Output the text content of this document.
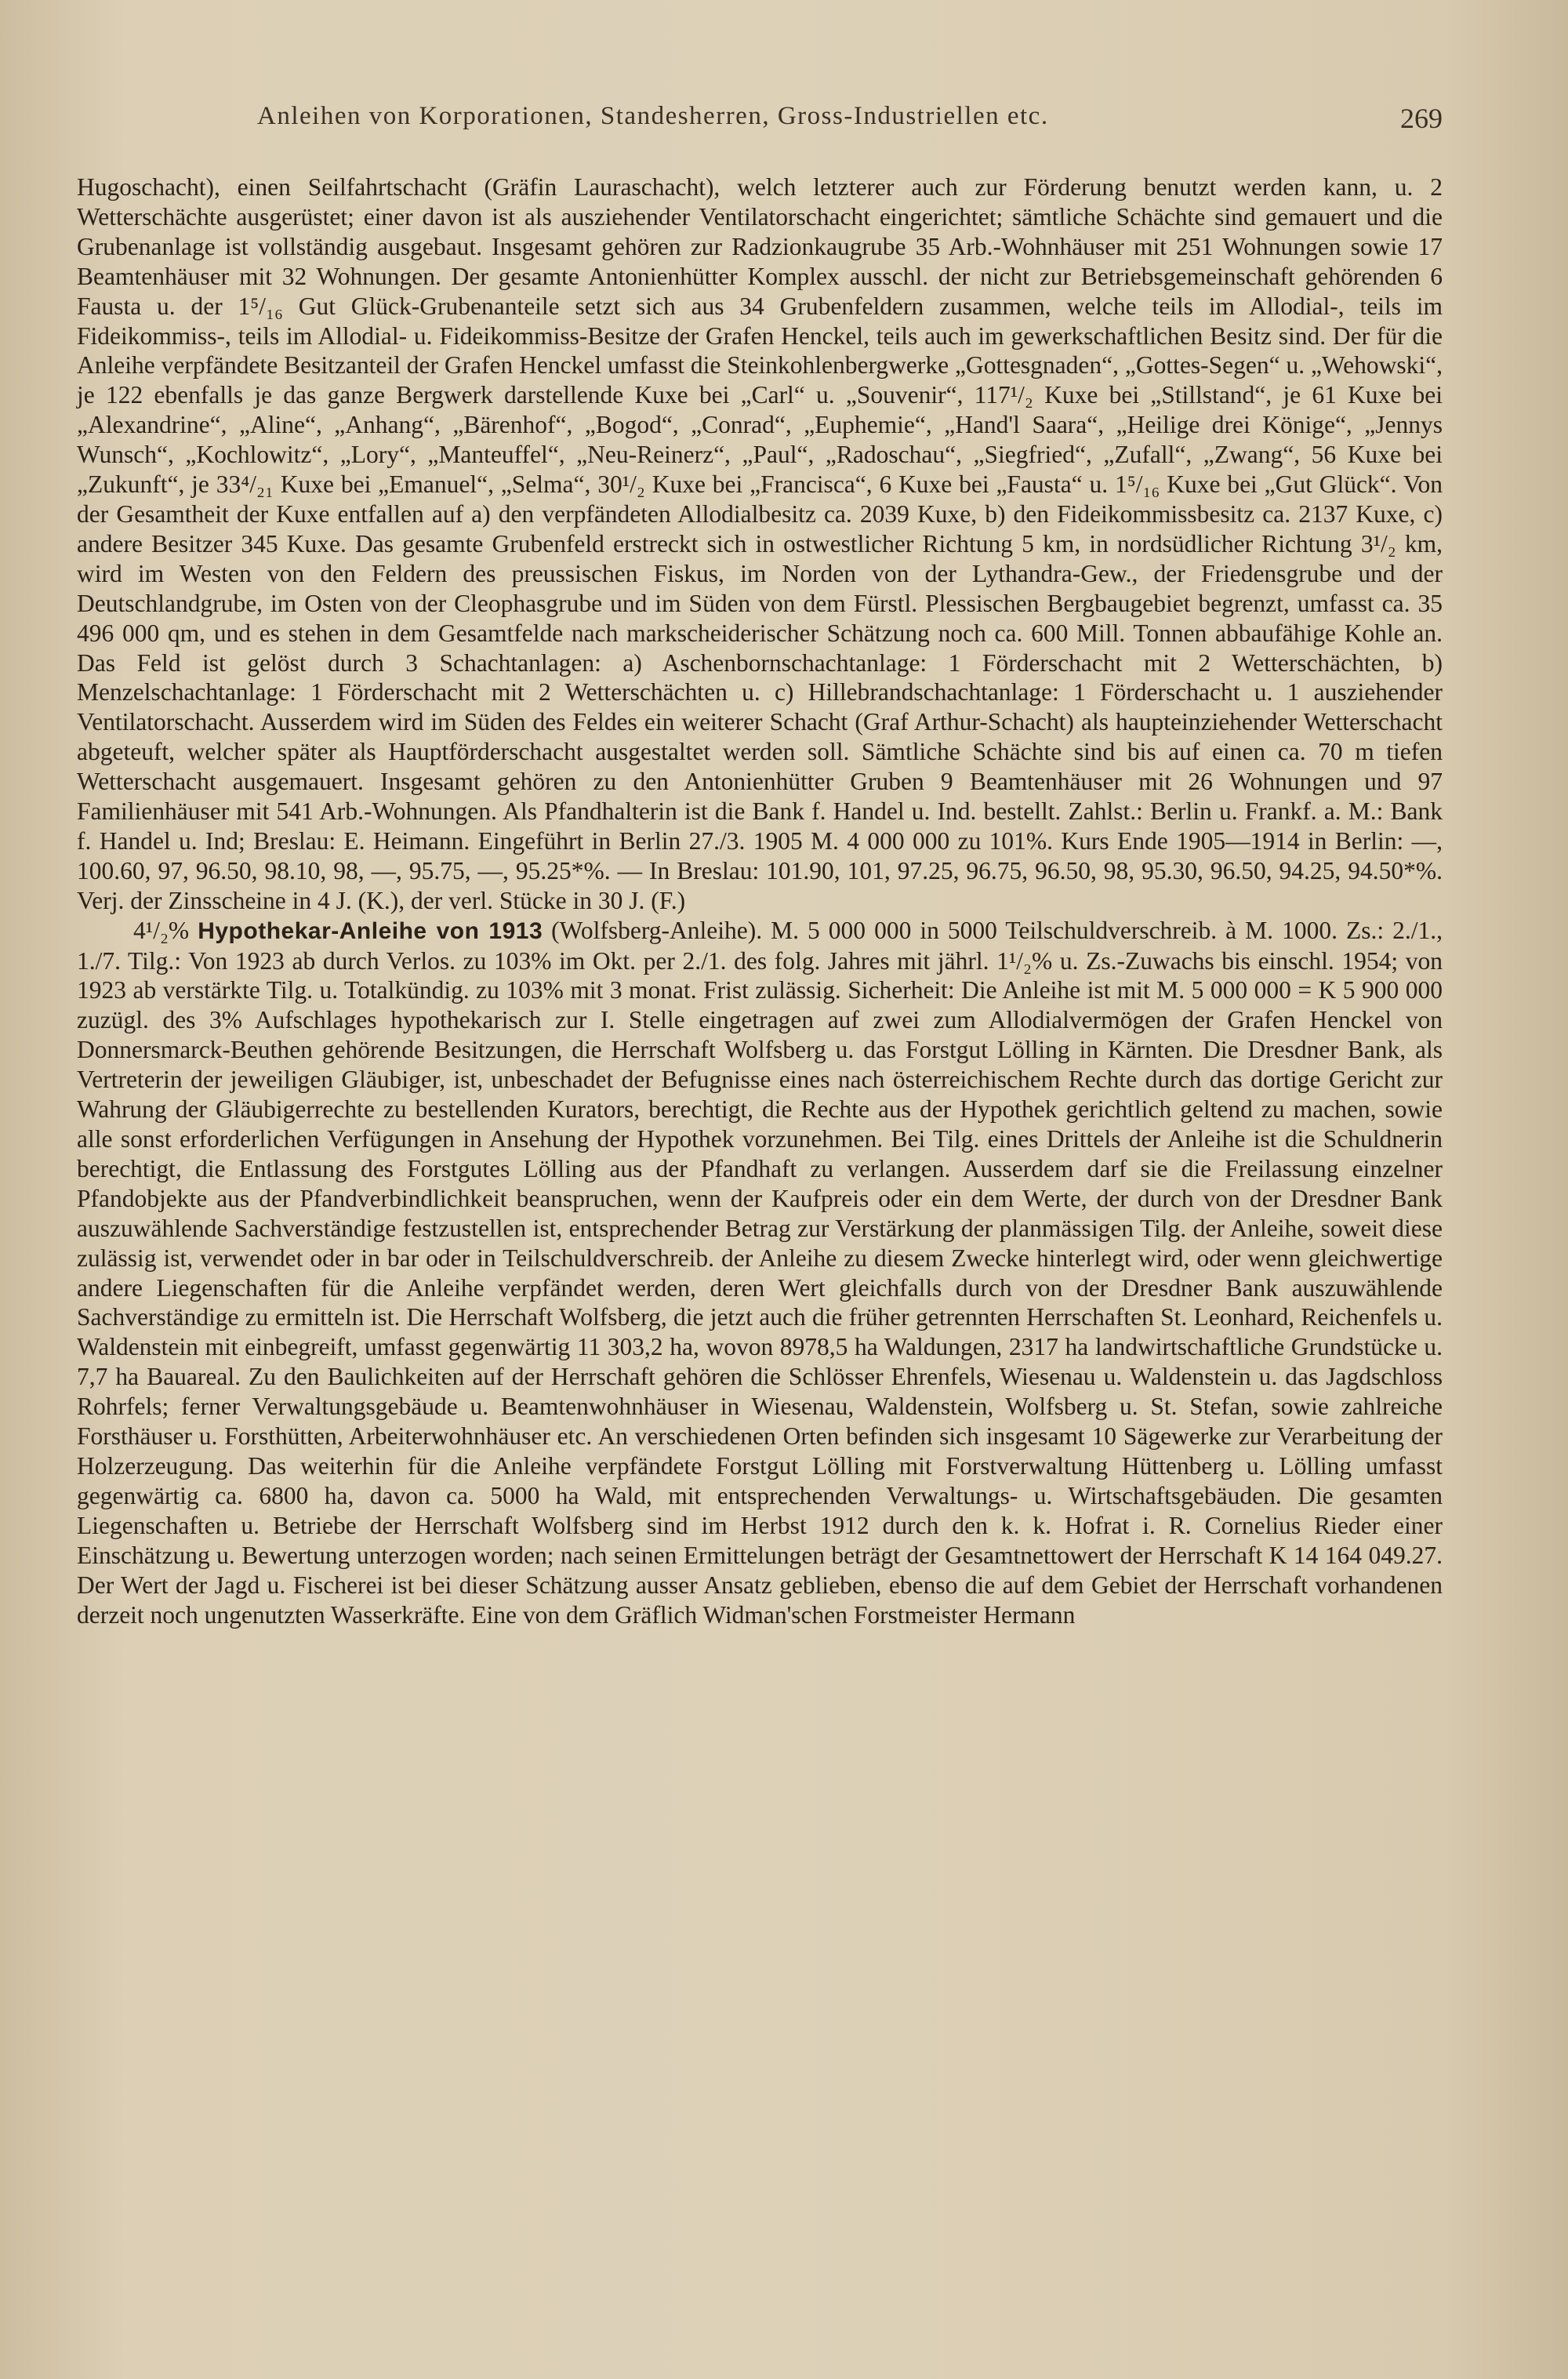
Anleihen von Korporationen, Standesherren, Gross-Industriellen etc.	269

Hugoschacht), einen Seilfahrtschacht (Gräfin Lauraschacht), welch letzterer auch zur Förderung benutzt werden kann, u. 2 Wetterschächte ausgerüstet; einer davon ist als ausziehender Ventilatorschacht eingerichtet; sämtliche Schächte sind gemauert und die Grubenanlage ist vollständig ausgebaut. Insgesamt gehören zur Radzionkaugrube 35 Arb.-Wohnhäuser mit 251 Wohnungen sowie 17 Beamtenhäuser mit 32 Wohnungen. Der gesamte Antonienhütter Komplex ausschl. der nicht zur Betriebsgemeinschaft gehörenden 6 Fausta u. der 1⁵/₁₆ Gut Glück-Grubenanteile setzt sich aus 34 Grubenfeldern zusammen, welche teils im Allodial-, teils im Fideikommiss-, teils im Allodial- u. Fideikommiss-Besitze der Grafen Henckel, teils auch im gewerkschaftlichen Besitz sind. Der für die Anleihe verpfändete Besitzanteil der Grafen Henckel umfasst die Steinkohlenbergwerke „Gottesgnaden“, „Gottes-Segen“ u. „Wehowski“, je 122 ebenfalls je das ganze Bergwerk darstellende Kuxe bei „Carl“ u. „Souvenir“, 117¹/₂ Kuxe bei „Stillstand“, je 61 Kuxe bei „Alexandrine“, „Aline“, „Anhang“, „Bärenhof“, „Bogod“, „Conrad“, „Euphemie“, „Hand'l Saara“, „Heilige drei Könige“, „Jennys Wunsch“, „Kochlowitz“, „Lory“, „Manteuffel“, „Neu-Reinerz“, „Paul“, „Radoschau“, „Siegfried“, „Zufall“, „Zwang“, 56 Kuxe bei „Zukunft“, je 33⁴/₂₁ Kuxe bei „Emanuel“, „Selma“, 30¹/₂ Kuxe bei „Francisca“, 6 Kuxe bei „Fausta“ u. 1⁵/₁₆ Kuxe bei „Gut Glück“. Von der Gesamtheit der Kuxe entfallen auf a) den verpfändeten Allodialbesitz ca. 2039 Kuxe, b) den Fideikommissbesitz ca. 2137 Kuxe, c) andere Besitzer 345 Kuxe. Das gesamte Grubenfeld erstreckt sich in ostwestlicher Richtung 5 km, in nordsüdlicher Richtung 3¹/₂ km, wird im Westen von den Feldern des preussischen Fiskus, im Norden von der Lythandra-Gew., der Friedensgrube und der Deutschlandgrube, im Osten von der Cleophasgrube und im Süden von dem Fürstl. Plessischen Bergbaugebiet begrenzt, umfasst ca. 35 496 000 qm, und es stehen in dem Gesamtfelde nach markscheiderischer Schätzung noch ca. 600 Mill. Tonnen abbaufähige Kohle an. Das Feld ist gelöst durch 3 Schachtanlagen: a) Aschenbornschachtanlage: 1 Förderschacht mit 2 Wetterschächten, b) Menzelschachtanlage: 1 Förderschacht mit 2 Wetterschächten u. c) Hillebrandschachtanlage: 1 Förderschacht u. 1 ausziehender Ventilatorschacht. Ausserdem wird im Süden des Feldes ein weiterer Schacht (Graf Arthur-Schacht) als haupteinziehender Wetterschacht abgeteuft, welcher später als Hauptförderschacht ausgestaltet werden soll. Sämtliche Schächte sind bis auf einen ca. 70 m tiefen Wetterschacht ausgemauert. Insgesamt gehören zu den Antonienhütter Gruben 9 Beamtenhäuser mit 26 Wohnungen und 97 Familienhäuser mit 541 Arb.-Wohnungen. Als Pfandhalterin ist die Bank f. Handel u. Ind. bestellt. Zahlst.: Berlin u. Frankf. a. M.: Bank f. Handel u. Ind; Breslau: E. Heimann. Eingeführt in Berlin 27./3. 1905 M. 4 000 000 zu 101%. Kurs Ende 1905—1914 in Berlin: —, 100.60, 97, 96.50, 98.10, 98, —, 95.75, —, 95.25*%. — In Breslau: 101.90, 101, 97.25, 96.75, 96.50, 98, 95.30, 96.50, 94.25, 94.50*%. Verj. der Zinsscheine in 4 J. (K.), der verl. Stücke in 30 J. (F.)

4¹/₂% Hypothekar-Anleihe von 1913 (Wolfsberg-Anleihe). M. 5 000 000 in 5000 Teilschuldverschreib. à M. 1000. Zs.: 2./1., 1./7. Tilg.: Von 1923 ab durch Verlos. zu 103% im Okt. per 2./1. des folg. Jahres mit jährl. 1¹/₂% u. Zs.-Zuwachs bis einschl. 1954; von 1923 ab verstärkte Tilg. u. Totalkündig. zu 103% mit 3 monat. Frist zulässig. Sicherheit: Die Anleihe ist mit M. 5 000 000 = K 5 900 000 zuzügl. des 3% Aufschlages hypothekarisch zur I. Stelle eingetragen auf zwei zum Allodialvermögen der Grafen Henckel von Donnersmarck-Beuthen gehörende Besitzungen, die Herrschaft Wolfsberg u. das Forstgut Lölling in Kärnten. Die Dresdner Bank, als Vertreterin der jeweiligen Gläubiger, ist, unbeschadet der Befugnisse eines nach österreichischem Rechte durch das dortige Gericht zur Wahrung der Gläubigerrechte zu bestellenden Kurators, berechtigt, die Rechte aus der Hypothek gerichtlich geltend zu machen, sowie alle sonst erforderlichen Verfügungen in Ansehung der Hypothek vorzunehmen. Bei Tilg. eines Drittels der Anleihe ist die Schuldnerin berechtigt, die Entlassung des Forstgutes Lölling aus der Pfandhaft zu verlangen. Ausserdem darf sie die Freilassung einzelner Pfandobjekte aus der Pfandverbindlichkeit beanspruchen, wenn der Kaufpreis oder ein dem Werte, der durch von der Dresdner Bank auszuwählende Sachverständige festzustellen ist, entsprechender Betrag zur Verstärkung der planmässigen Tilg. der Anleihe, soweit diese zulässig ist, verwendet oder in bar oder in Teilschuldverschreib. der Anleihe zu diesem Zwecke hinterlegt wird, oder wenn gleichwertige andere Liegenschaften für die Anleihe verpfändet werden, deren Wert gleichfalls durch von der Dresdner Bank auszuwählende Sachverständige zu ermitteln ist. Die Herrschaft Wolfsberg, die jetzt auch die früher getrennten Herrschaften St. Leonhard, Reichenfels u. Waldenstein mit einbegreift, umfasst gegenwärtig 11 303,2 ha, wovon 8978,5 ha Waldungen, 2317 ha landwirtschaftliche Grundstücke u. 7,7 ha Bauareal. Zu den Baulichkeiten auf der Herrschaft gehören die Schlösser Ehrenfels, Wiesenau u. Waldenstein u. das Jagdschloss Rohrfels; ferner Verwaltungsgebäude u. Beamtenwohnhäuser in Wiesenau, Waldenstein, Wolfsberg u. St. Stefan, sowie zahlreiche Forsthäuser u. Forsthütten, Arbeiterwohnhäuser etc. An verschiedenen Orten befinden sich insgesamt 10 Sägewerke zur Verarbeitung der Holzerzeugung. Das weiterhin für die Anleihe verpfändete Forstgut Lölling mit Forstverwaltung Hüttenberg u. Lölling umfasst gegenwärtig ca. 6800 ha, davon ca. 5000 ha Wald, mit entsprechenden Verwaltungs- u. Wirtschaftsgebäuden. Die gesamten Liegenschaften u. Betriebe der Herrschaft Wolfsberg sind im Herbst 1912 durch den k. k. Hofrat i. R. Cornelius Rieder einer Einschätzung u. Bewertung unterzogen worden; nach seinen Ermittelungen beträgt der Gesamtnettowert der Herrschaft K 14 164 049.27. Der Wert der Jagd u. Fischerei ist bei dieser Schätzung ausser Ansatz geblieben, ebenso die auf dem Gebiet der Herrschaft vorhandenen derzeit noch ungenutzten Wasserkräfte. Eine von dem Gräflich Widman'schen Forstmeister Hermann
